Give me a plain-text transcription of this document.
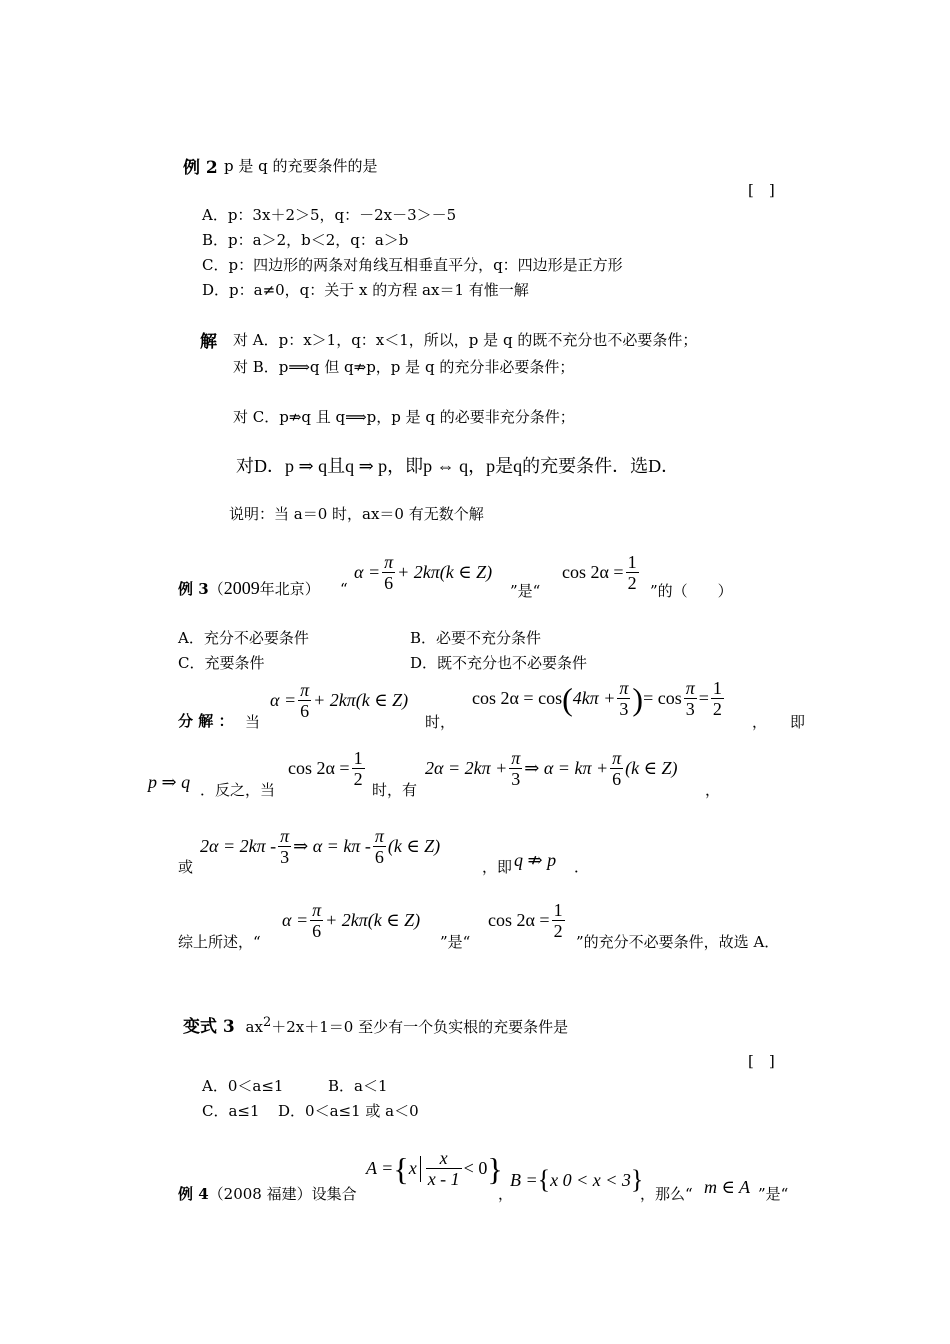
例 2 p 是 q 的充要条件的是
[　]
A．p：3x＋2＞5，q：－2x－3＞－5
B．p：a＞2，b＜2，q：a＞b
C．p：四边形的两条对角线互相垂直平分，q：四边形是正方形
D．p：a≠0，q：关于 x 的方程 ax＝1 有惟一解
解 对 A．p：x＞1，q：x＜1，所以，p 是 q 的既不充分也不必要条件；
对 B．p⟹q 但 q⇏p，p 是 q 的充分非必要条件；
对 C．p⇏q 且 q⟹p，p 是 q 的必要非充分条件；
对D．p ⇒ q且q ⇒ p，即p ⇔ q，p是q的充要条件．选D．
说明：当 a＝0 时，ax＝0 有无数个解
例 3（2009年北京） “
$\alpha = \frac{\pi}{6} + 2k\pi(k$ ∈ Z)
”是“
$\cos 2\alpha = \frac{1}{2}$ ”的（　　）
A．充分不必要条件	B．必要不充分条件
C．充要条件	D．既不充分也不必要条件
分 解 ： 当
$\alpha = \frac{\pi}{6} + 2k\pi(k$ ∈ Z)
时，
cos 2α = cos ( $4k\pi + \frac{\pi}{3}$ ) = $\cos \frac{\pi}{3} = \frac{1}{2}$
， 即
p ⇒ q ．反之，当
$\cos 2\alpha = \frac{1}{2}$
时，有
$2\alpha = 2k\pi + \frac{\pi}{3}$ ⇒ $\alpha = k\pi + \frac{\pi}{6} (k$ ∈ Z)
，
或
$2\alpha = 2k\pi - \frac{\pi}{3}$ ⇒ $\alpha = k\pi - \frac{\pi}{6} (k$ ∈ Z)
，即 q ⇏ p ．
综上所述，“
$\alpha = \frac{\pi}{6} + 2k\pi(k$ ∈ Z)
”是“
$\cos 2\alpha = \frac{1}{2}$
”的充分不必要条件，故选 A．
变式 3 $ax^2+2x+1=0$ 至少有一个负实根的充要条件是
[　]
A．0＜a≤1	B．a＜1
C．a≤1 D．0＜a≤1 或 a＜0
例 4（2008 福建）设集合
A = { x $\frac{x}{x - 1} < 0$ }
，
B = { x 0 < x < 3 }
，那么“ m ∈ A ”是“
